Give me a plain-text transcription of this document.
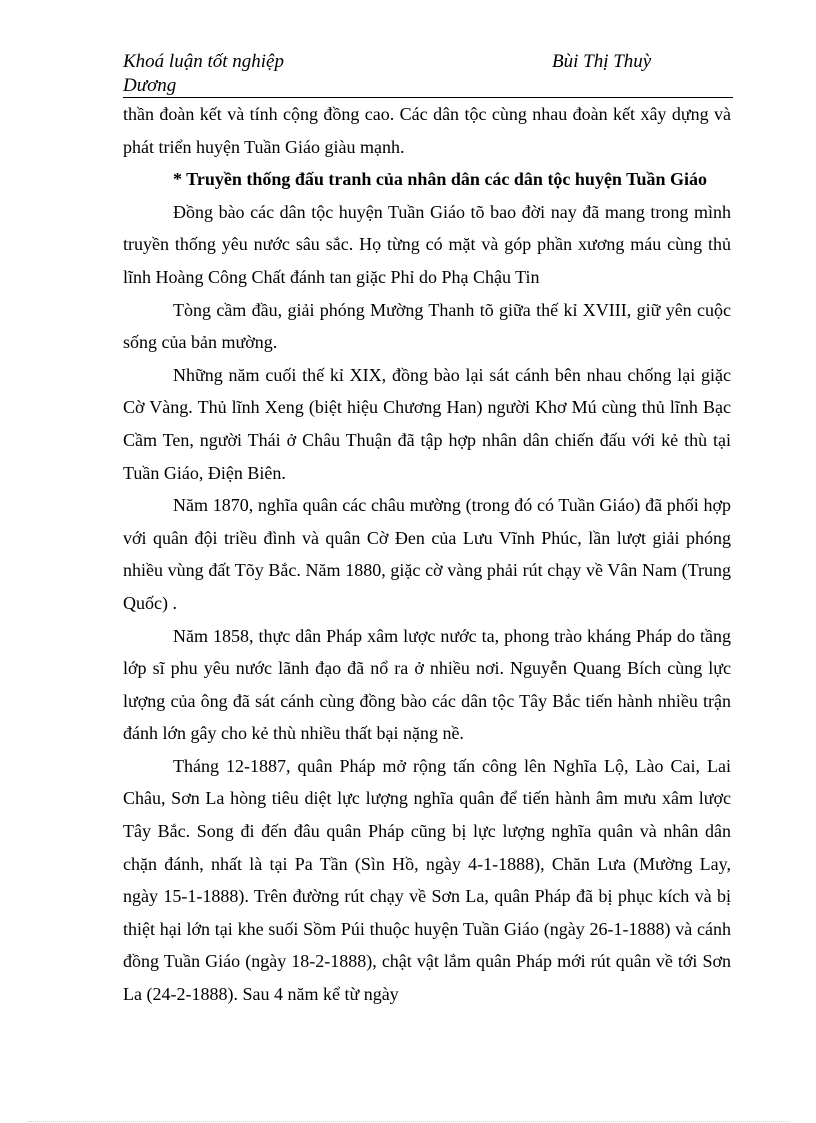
Khoá luận tốt nghiệp	Bùi Thị Thuỳ
Dương

thần đoàn kết và tính cộng đồng cao. Các dân tộc cùng nhau đoàn kết xây dựng và phát triển huyện Tuần Giáo giàu mạnh.

* Truyền thống đấu tranh của nhân dân các dân tộc huyện Tuần Giáo

Đồng bào các dân tộc huyện Tuần Giáo tõ bao đời nay đã mang trong mình truyền thống yêu nước sâu sắc. Họ từng có mặt và góp phần xương máu cùng thủ lĩnh Hoàng Công Chất đánh tan giặc Phỉ do Phạ Chậu Tin

Tòng cầm đầu, giải phóng Mường Thanh tõ giữa thế kỉ XVIII, giữ yên cuộc sống của bản mường.

Những năm cuối thế kỉ XIX, đồng bào lại sát cánh bên nhau chống lại giặc Cờ Vàng. Thủ lĩnh Xeng (biệt hiệu Chương Han) người Khơ Mú cùng thủ lĩnh Bạc Cầm Ten, người Thái ở Châu Thuận đã tập hợp nhân dân chiến đấu với kẻ thù tại Tuần Giáo, Điện Biên.

Năm 1870, nghĩa quân các châu mường (trong đó có Tuần Giáo) đã phối hợp với quân đội triều đình và quân Cờ Đen của Lưu Vĩnh Phúc, lần lượt giải phóng nhiều vùng đất Tõy Bắc. Năm 1880, giặc cờ vàng phải rút chạy về Vân Nam (Trung Quốc) .

Năm 1858, thực dân Pháp xâm lược nước ta, phong trào kháng Pháp do tầng lớp sĩ phu yêu nước lãnh đạo đã nổ ra ở nhiều nơi. Nguyễn Quang Bích cùng lực lượng của ông đã sát cánh cùng đồng bào các dân tộc Tây Bắc tiến hành nhiều trận đánh lớn gây cho kẻ thù nhiều thất bại nặng nề.

Tháng 12-1887, quân Pháp mở rộng tấn công lên Nghĩa Lộ, Lào Cai, Lai Châu, Sơn La hòng tiêu diệt lực lượng nghĩa quân để tiến hành âm mưu xâm lược Tây Bắc. Song đi đến đâu quân Pháp cũng bị lực lượng nghĩa quân và nhân dân chặn đánh, nhất là tại Pa Tần (Sìn Hồ, ngày 4-1-1888), Chăn Lưa (Mường Lay, ngày 15-1-1888). Trên đường rút chạy về Sơn La, quân Pháp đã bị phục kích và bị thiệt hại lớn tại khe suối Sồm Púi thuộc huyện Tuần Giáo (ngày 26-1-1888) và cánh đồng Tuần Giáo (ngày 18-2-1888), chật vật lắm quân Pháp mới rút quân về tới Sơn La (24-2-1888). Sau 4 năm kể từ ngày
